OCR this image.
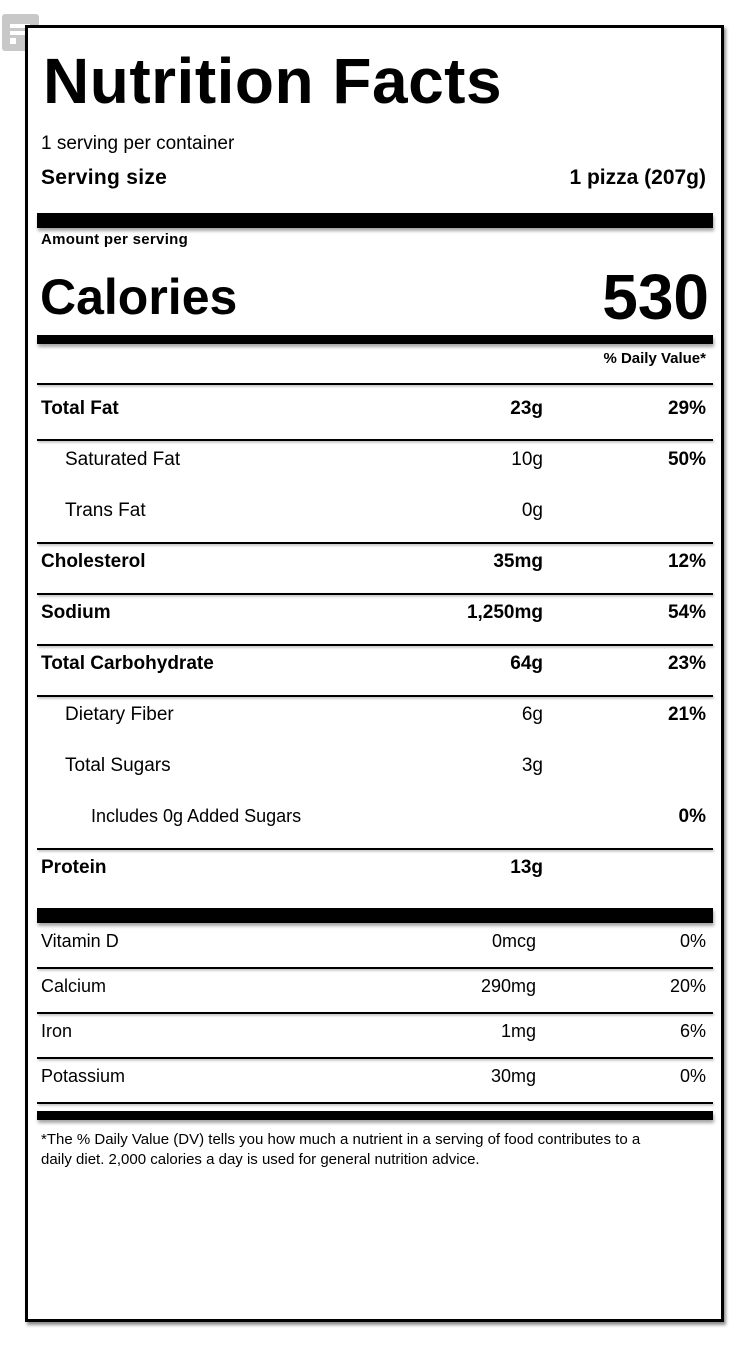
Nutrition Facts
1 serving per container
Serving size	1 pizza (207g)
Amount per serving
Calories	530
% Daily Value*
Total Fat	23g	29%
Saturated Fat	10g	50%
Trans Fat	0g
Cholesterol	35mg	12%
Sodium	1,250mg	54%
Total Carbohydrate	64g	23%
Dietary Fiber	6g	21%
Total Sugars	3g
Includes 0g Added Sugars	0%
Protein	13g
Vitamin D	0mcg	0%
Calcium	290mg	20%
Iron	1mg	6%
Potassium	30mg	0%
*The % Daily Value (DV) tells you how much a nutrient in a serving of food contributes to a daily diet. 2,000 calories a day is used for general nutrition advice.
